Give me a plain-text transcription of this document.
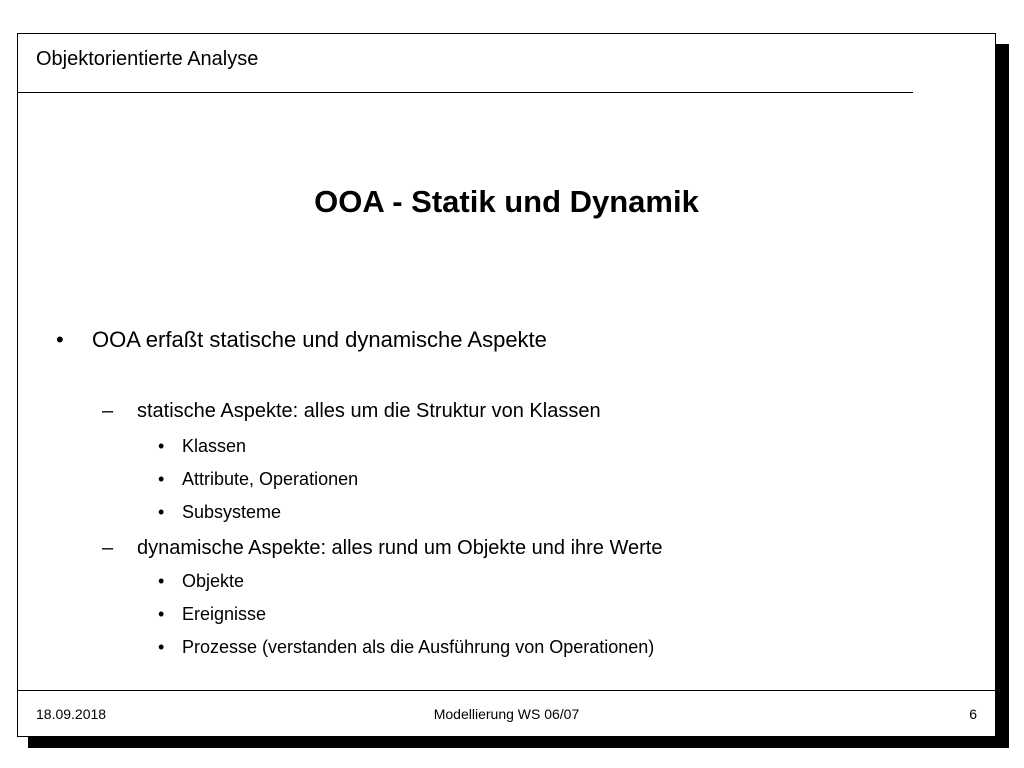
Objektorientierte Analyse
OOA - Statik und Dynamik
• OOA erfaßt statische und dynamische Aspekte
– statische Aspekte: alles um die Struktur von Klassen
• Klassen
• Attribute, Operationen
• Subsysteme
– dynamische Aspekte: alles rund um Objekte und ihre Werte
• Objekte
• Ereignisse
• Prozesse (verstanden als die Ausführung von Operationen)
18.09.2018	Modellierung WS 06/07	6
